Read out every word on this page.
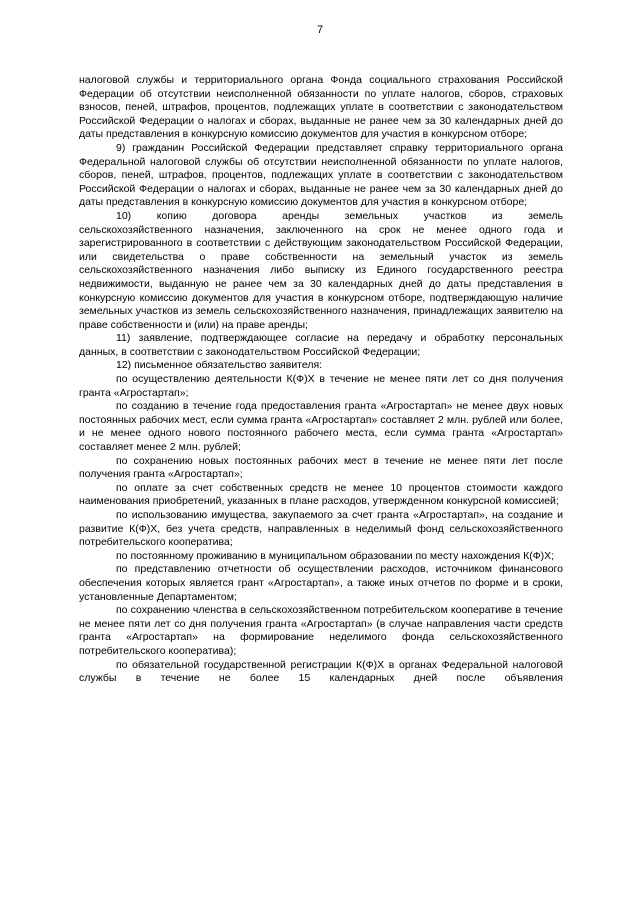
7

налоговой службы и территориального органа Фонда социального страхования Российской Федерации об отсутствии неисполненной обязанности по уплате налогов, сборов, страховых взносов, пеней, штрафов, процентов, подлежащих уплате в соответствии с законодательством Российской Федерации о налогах и сборах, выданные не ранее чем за 30 календарных дней до даты представления в конкурсную комиссию документов для участия в конкурсном отборе;

9) гражданин Российской Федерации представляет справку территориального органа Федеральной налоговой службы об отсутствии неисполненной обязанности по уплате налогов, сборов, пеней, штрафов, процентов, подлежащих уплате в соответствии с законодательством Российской Федерации о налогах и сборах, выданные не ранее чем за 30 календарных дней до даты представления в конкурсную комиссию документов для участия в конкурсном отборе;

10) копию договора аренды земельных участков из земель

сельскохозяйственного назначения, заключенного на срок не менее одного года и зарегистрированного в соответствии с действующим законодательством Российской Федерации, или свидетельства о праве собственности на земельный участок из земель сельскохозяйственного назначения либо выписку из Единого государственного реестра недвижимости, выданную не ранее чем за 30 календарных дней до даты представления в конкурсную комиссию документов для участия в конкурсном отборе, подтверждающую наличие земельных участков из земель сельскохозяйственного назначения, принадлежащих заявителю на праве собственности и (или) на праве аренды;

11) заявление, подтверждающее согласие на передачу и обработку персональных данных, в соответствии с законодательством Российской Федерации;

12) письменное обязательство заявителя:

по осуществлению деятельности К(Ф)Х в течение не менее пяти лет со дня получения гранта «Агростартап»;

по созданию в течение года предоставления гранта «Агростартап» не менее двух новых постоянных рабочих мест, если сумма гранта «Агростартап» составляет 2 млн. рублей или более, и не менее одного нового постоянного рабочего места, если сумма гранта «Агростартап» составляет менее 2 млн. рублей;

по сохранению новых постоянных рабочих мест в течение не менее пяти лет после получения гранта «Агростартап»;

по оплате за счет собственных средств не менее 10 процентов стоимости каждого наименования приобретений, указанных в плане расходов, утвержденном конкурсной комиссией;

по использованию имущества, закупаемого за счет гранта «Агростартап», на создание и развитие К(Ф)Х, без учета средств, направленных в неделимый фонд сельскохозяйственного потребительского кооператива;

по постоянному проживанию в муниципальном образовании по месту нахождения К(Ф)Х;

по представлению отчетности об осуществлении расходов, источником финансового обеспечения которых является грант «Агростартап», а также иных отчетов по форме и в сроки, установленные Департаментом;

по сохранению членства в сельскохозяйственном потребительском кооперативе в течение не менее пяти лет со дня получения гранта «Агростартап» (в случае направления части средств гранта «Агростартап» на формирование неделимого фонда сельскохозяйственного потребительского кооператива);

по обязательной государственной регистрации К(Ф)Х в органах Федеральной налоговой службы в течение не более 15 календарных дней после объявления
